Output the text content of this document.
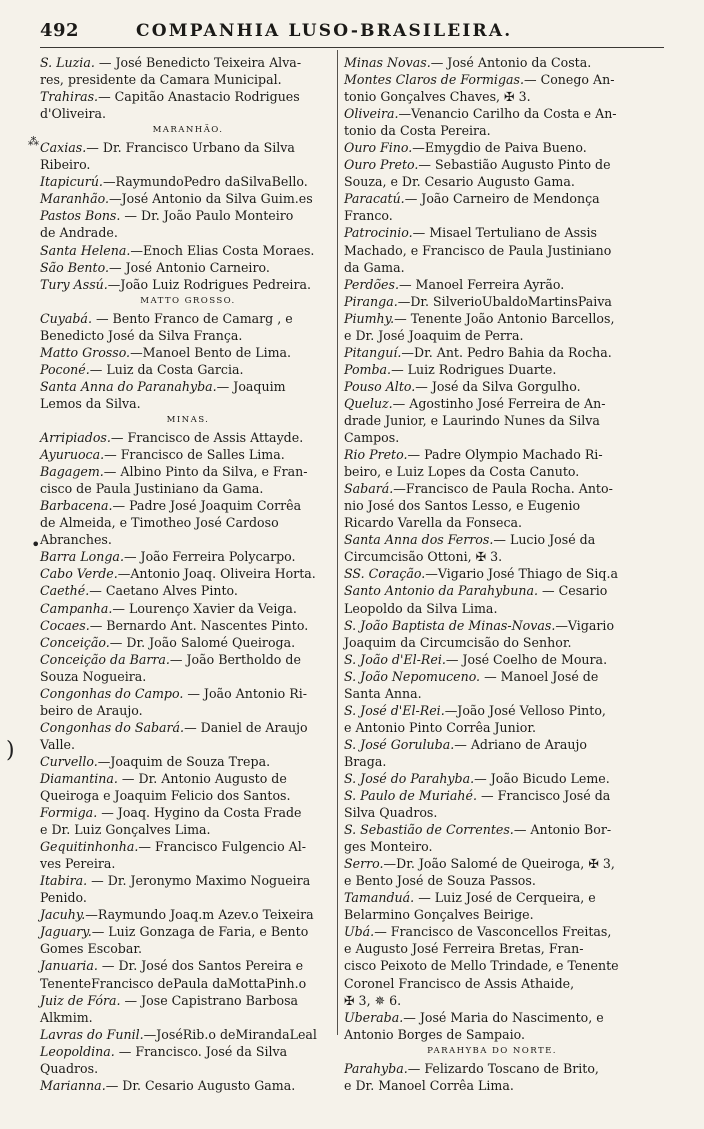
492	COMPANHIA LUSO-BRASILEIRA.
S. Luzia. — José Benedicto Teixeira Alva-
res, presidente da Camara Municipal.
Trahiras.— Capitão Anastacio Rodrigues
d'Oliveira.
MARANHÃO.
Caxias.— Dr. Francisco Urbano da Silva
Ribeiro.
Itapicurú.—RaymundoPedro daSilvaBello.
Maranhão.—José Antonio da Silva Guim.es
Pastos Bons. — Dr. João Paulo Monteiro
de Andrade.
Santa Helena.—Enoch Elias Costa Moraes.
São Bento.— José Antonio Carneiro.
Tury Assú.—João Luiz Rodrigues Pedreira.
MATTO GROSSO.
Cuyabá. — Bento Franco de Camarg , e
Benedicto José da Silva França.
Matto Grosso.—Manoel Bento de Lima.
Poconé.— Luiz da Costa Garcia.
Santa Anna do Paranahyba.— Joaquim
Lemos da Silva.
MINAS.
Arripiados.— Francisco de Assis Attayde.
Ayuruoca.— Francisco de Salles Lima.
Bagagem.— Albino Pinto da Silva, e Fran-
cisco de Paula Justiniano da Gama.
Barbacena.— Padre José Joaquim Corrêa
de Almeida, e Timotheo José Cardoso
Abranches.
Barra Longa.— João Ferreira Polycarpo.
Cabo Verde.—Antonio Joaq. Oliveira Horta.
Caethé.— Caetano Alves Pinto.
Campanha.— Lourenço Xavier da Veiga.
Cocaes.— Bernardo Ant. Nascentes Pinto.
Conceição.— Dr. João Salomé Queiroga.
Conceição da Barra.— João Bertholdo de
Souza Nogueira.
Congonhas do Campo. — João Antonio Ri-
beiro de Araujo.
Congonhas do Sabará.— Daniel de Araujo
Valle.
Curvello.—Joaquim de Souza Trepa.
Diamantina. — Dr. Antonio Augusto de
Queiroga e Joaquim Felicio dos Santos.
Formiga. — Joaq. Hygino da Costa Frade
e Dr. Luiz Gonçalves Lima.
Gequitinhonha.— Francisco Fulgencio Al-
ves Pereira.
Itabira. — Dr. Jeronymo Maximo Nogueira
Penido.
Jacuhy.—Raymundo Joaq.m Azev.o Teixeira
Jaguary.— Luiz Gonzaga de Faria, e Bento
Gomes Escobar.
Januaria. — Dr. José dos Santos Pereira e
TenenteFrancisco dePaula daMottaPinh.o
Juiz de Fóra. — Jose Capistrano Barbosa
Alkmim.
Lavras do Funil.—JoséRib.o deMirandaLeal
Leopoldina. — Francisco. José da Silva
Quadros.
Marianna.— Dr. Cesario Augusto Gama.
Minas Novas.— José Antonio da Costa.
Montes Claros de Formigas.— Conego An-
tonio Gonçalves Chaves, ✠ 3.
Oliveira.—Venancio Carilho da Costa e An-
tonio da Costa Pereira.
Ouro Fino.—Emygdio de Paiva Bueno.
Ouro Preto.— Sebastião Augusto Pinto de
Souza, e Dr. Cesario Augusto Gama.
Paracatú.— João Carneiro de Mendonça
Franco.
Patrocinio.— Misael Tertuliano de Assis
Machado, e Francisco de Paula Justiniano
da Gama.
Perdões.— Manoel Ferreira Ayrão.
Piranga.—Dr. SilverioUbaldoMartinsPaiva
Piumhy.— Tenente João Antonio Barcellos,
e Dr. José Joaquim de Perra.
Pitanguí.—Dr. Ant. Pedro Bahia da Rocha.
Pomba.— Luiz Rodrigues Duarte.
Pouso Alto.— José da Silva Gorgulho.
Queluz.— Agostinho José Ferreira de An-
drade Junior, e Laurindo Nunes da Silva
Campos.
Rio Preto.— Padre Olympio Machado Ri-
beiro, e Luiz Lopes da Costa Canuto.
Sabará.—Francisco de Paula Rocha. Anto-
nio José dos Santos Lesso, e Eugenio
Ricardo Varella da Fonseca.
Santa Anna dos Ferros.— Lucio José da
Circumcisão Ottoni, ✠ 3.
SS. Coração.—Vigario José Thiago de Siq.a
Santo Antonio da Parahybuna. — Cesario
Leopoldo da Silva Lima.
S. João Baptista de Minas-Novas.—Vigario
Joaquim da Circumcisão do Senhor.
S. João d'El-Rei.— José Coelho de Moura.
S. João Nepomuceno. — Manoel José de
Santa Anna.
S. José d'El-Rei.—João José Velloso Pinto,
e Antonio Pinto Corrêa Junior.
S. José Goruluba.— Adriano de Araujo
Braga.
S. José do Parahyba.— João Bicudo Leme.
S. Paulo de Muriahé. — Francisco José da
Silva Quadros.
S. Sebastião de Correntes.— Antonio Bor-
ges Monteiro.
Serro.—Dr. João Salomé de Queiroga, ✠ 3,
e Bento José de Souza Passos.
Tamanduá. — Luiz José de Cerqueira, e
Belarmino Gonçalves Beirige.
Ubá.— Francisco de Vasconcellos Freitas,
e Augusto José Ferreira Bretas, Fran-
cisco Peixoto de Mello Trindade, e Tenente
Coronel Francisco de Assis Athaide,
✠ 3, ✵ 6.
Uberaba.— José Maria do Nascimento, e
Antonio Borges de Sampaio.
PARAHYBA DO NORTE.
Parahyba.— Felizardo Toscano de Brito,
e Dr. Manoel Corrêa Lima.
⁂
•
)
